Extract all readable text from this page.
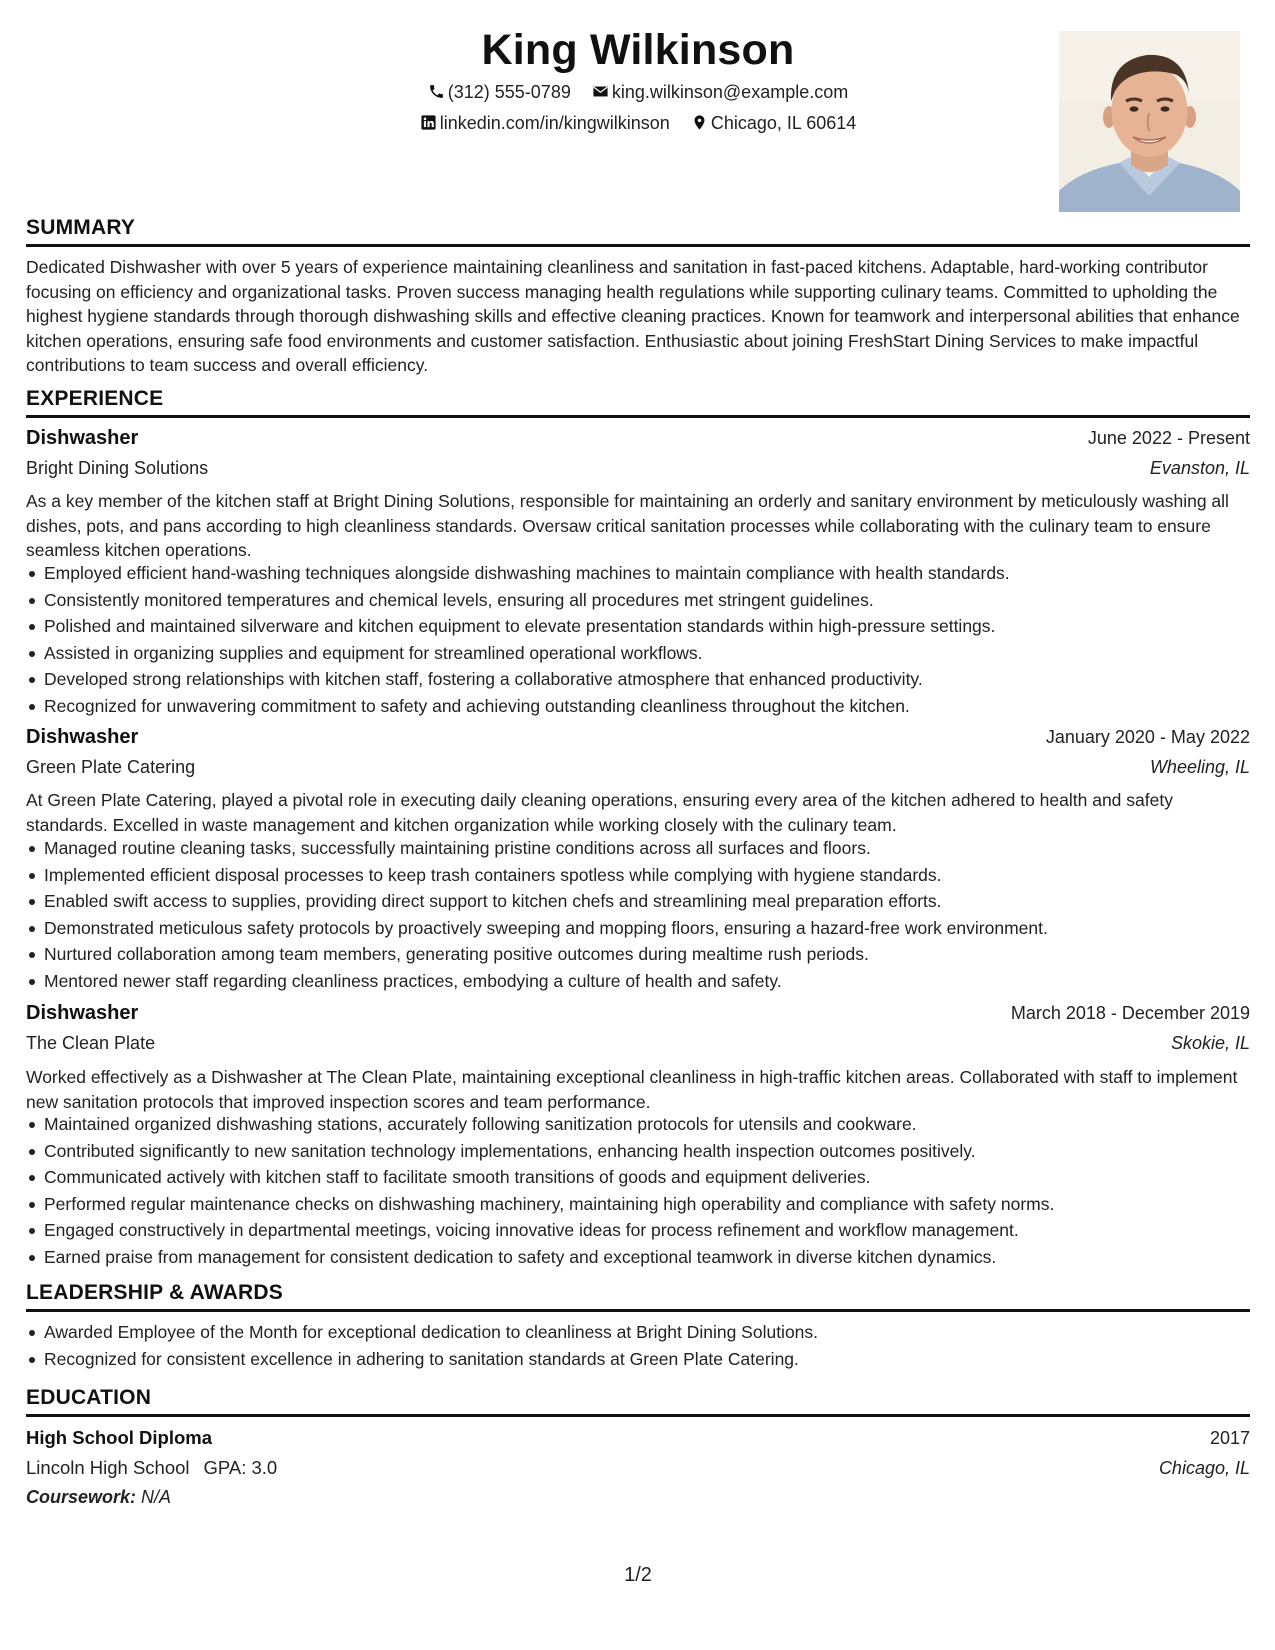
King Wilkinson
(312) 555-0789 king.wilkinson@example.com
linkedin.com/in/kingwilkinson Chicago, IL 60614
SUMMARY

Dedicated Dishwasher with over 5 years of experience maintaining cleanliness and sanitation in fast-paced kitchens. Adaptable, hard-working contributor focusing on efficiency and organizational tasks. Proven success managing health regulations while supporting culinary teams. Committed to upholding the highest hygiene standards through thorough dishwashing skills and effective cleaning practices. Known for teamwork and interpersonal abilities that enhance kitchen operations, ensuring safe food environments and customer satisfaction. Enthusiastic about joining FreshStart Dining Services to make impactful contributions to team success and overall efficiency.

EXPERIENCE
Dishwasher	June 2022 - Present
Bright Dining Solutions	Evanston, IL

As a key member of the kitchen staff at Bright Dining Solutions, responsible for maintaining an orderly and sanitary environment by meticulously washing all dishes, pots, and pans according to high cleanliness standards. Oversaw critical sanitation processes while collaborating with the culinary team to ensure seamless kitchen operations.

Employed efficient hand-washing techniques alongside dishwashing machines to maintain compliance with health standards.
Consistently monitored temperatures and chemical levels, ensuring all procedures met stringent guidelines.
Polished and maintained silverware and kitchen equipment to elevate presentation standards within high-pressure settings.
Assisted in organizing supplies and equipment for streamlined operational workflows.
Developed strong relationships with kitchen staff, fostering a collaborative atmosphere that enhanced productivity.
Recognized for unwavering commitment to safety and achieving outstanding cleanliness throughout the kitchen.
Dishwasher	January 2020 - May 2022
Green Plate Catering	Wheeling, IL

At Green Plate Catering, played a pivotal role in executing daily cleaning operations, ensuring every area of the kitchen adhered to health and safety standards. Excelled in waste management and kitchen organization while working closely with the culinary team.

Managed routine cleaning tasks, successfully maintaining pristine conditions across all surfaces and floors.
Implemented efficient disposal processes to keep trash containers spotless while complying with hygiene standards.
Enabled swift access to supplies, providing direct support to kitchen chefs and streamlining meal preparation efforts.
Demonstrated meticulous safety protocols by proactively sweeping and mopping floors, ensuring a hazard-free work environment.
Nurtured collaboration among team members, generating positive outcomes during mealtime rush periods.
Mentored newer staff regarding cleanliness practices, embodying a culture of health and safety.
Dishwasher	March 2018 - December 2019
The Clean Plate	Skokie, IL

Worked effectively as a Dishwasher at The Clean Plate, maintaining exceptional cleanliness in high-traffic kitchen areas. Collaborated with staff to implement new sanitation protocols that improved inspection scores and team performance.

Maintained organized dishwashing stations, accurately following sanitization protocols for utensils and cookware.
Contributed significantly to new sanitation technology implementations, enhancing health inspection outcomes positively.
Communicated actively with kitchen staff to facilitate smooth transitions of goods and equipment deliveries.
Performed regular maintenance checks on dishwashing machinery, maintaining high operability and compliance with safety norms.
Engaged constructively in departmental meetings, voicing innovative ideas for process refinement and workflow management.
Earned praise from management for consistent dedication to safety and exceptional teamwork in diverse kitchen dynamics.
LEADERSHIP & AWARDS
Awarded Employee of the Month for exceptional dedication to cleanliness at Bright Dining Solutions.
Recognized for consistent excellence in adhering to sanitation standards at Green Plate Catering.
EDUCATION
High School Diploma	2017
Lincoln High School GPA: 3.0	Chicago, IL
Coursework: N/A
1/2
